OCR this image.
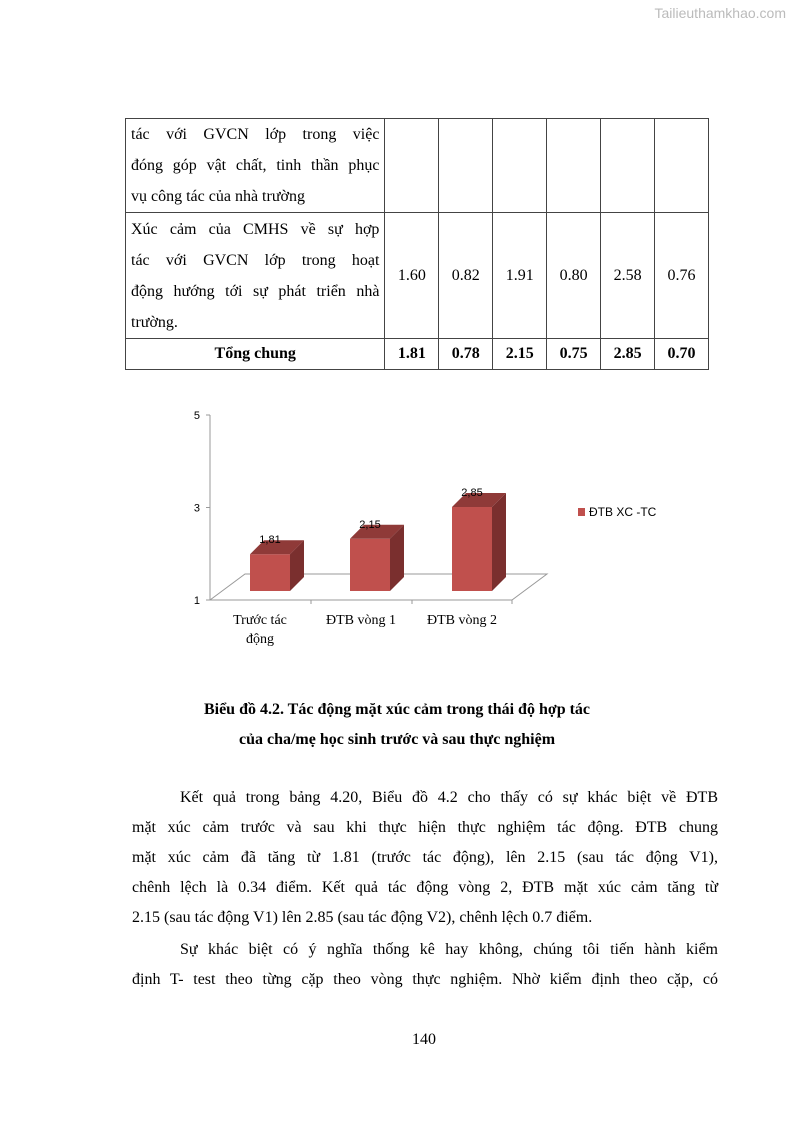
Tailieuthamkhao.com
tác với GVCN lớp trong việc
đóng góp vật chất, tinh thần phục
vụ công tác của nhà trường						

Xúc cảm của CMHS về sự hợp
tác với GVCN lớp trong hoạt
động hướng tới sự phát triển nhà
trường.	1.60	0.82	1.91	0.80	2.58	0.76
Tổng chung	1.81	0.78	2.15	0.75	2.85	0.70
1
3
5
1,81
2,15
2,85
Trước tác
động
ĐTB vòng 1 ĐTB vòng 2
ĐTB XC -TC
Biểu đồ 4.2. Tác động mặt xúc cảm trong thái độ hợp tác
của cha/mẹ học sinh trước và sau thực nghiệm
Kết quả trong bảng 4.20, Biểu đồ 4.2 cho thấy có sự khác biệt về ĐTB
mặt xúc cảm trước và sau khi thực hiện thực nghiệm tác động. ĐTB chung
mặt xúc cảm đã tăng từ 1.81 (trước tác động), lên 2.15 (sau tác động V1),
chênh lệch là 0.34 điểm. Kết quả tác động vòng 2, ĐTB mặt xúc cảm tăng từ
2.15 (sau tác động V1) lên 2.85 (sau tác động V2), chênh lệch 0.7 điểm.
Sự khác biệt có ý nghĩa thống kê hay không, chúng tôi tiến hành kiểm
định T- test theo từng cặp theo vòng thực nghiệm. Nhờ kiểm định theo cặp, có
140
